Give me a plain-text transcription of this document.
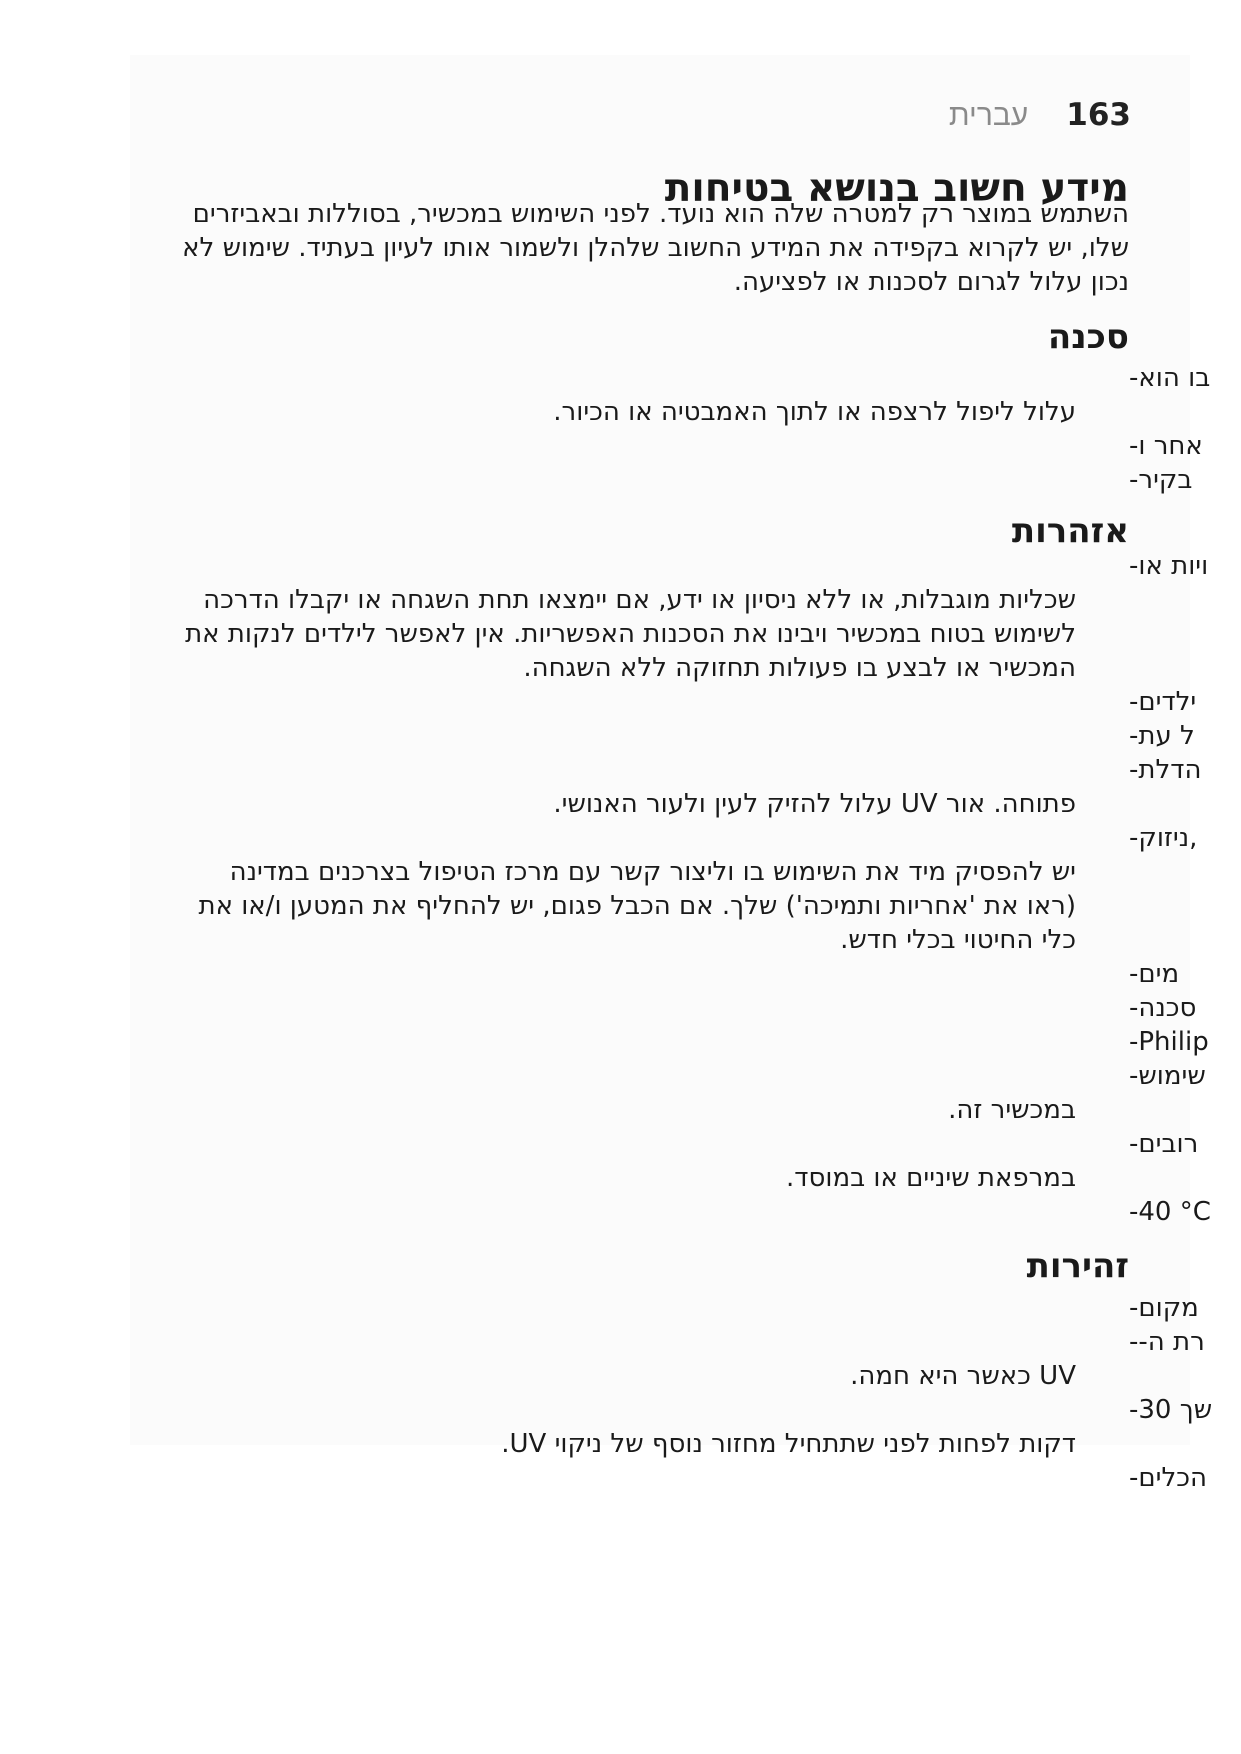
עברית 163
מידע חשוב בנושא בטיחות

השתמש במוצר רק למטרה שלה הוא נועד. לפני השימוש במכשיר, בסוללות ובאביזרים

שלו, יש לקרוא בקפידה את המידע החשוב שלהלן ולשמור אותו לעיון בעתיד. שימוש לא

נכון עלול לגרום לסכנות או לפציעה.

סכנה

-בו הוא

עלול ליפול לרצפה או לתוך האמבטיה או הכיור.

-אחר ו

-בקיר

אזהרות

-ויות או

שכליות מוגבלות, או ללא ניסיון או ידע, אם יימצאו תחת השגחה או יקבלו הדרכה

לשימוש בטוח במכשיר ויבינו את הסכנות האפשריות. אין לאפשר לילדים לנקות את

המכשיר או לבצע בו פעולות תחזוקה ללא השגחה.

-ילדים

-ל עת

-הדלת

פתוחה. אור UV עלול להזיק לעין ולעור האנושי.

-ניזוק,

יש להפסיק מיד את השימוש בו וליצור קשר עם מרכז הטיפול בצרכנים במדינה

(ראו את 'אחריות ותמיכה') שלך. אם הכבל פגום, יש להחליף את המטען ו/או את

כלי החיטוי בכלי חדש.

-מים

-סכנה

-Philip

-שימוש

במכשיר זה.

-רובים

במרפאת שיניים או במוסד.

-40 °C

זהירות

-מקום

--רת ה

UV כאשר היא חמה.

-30 שך

דקות לפחות לפני שתתחיל מחזור נוסף של ניקוי UV.

-הכלים
